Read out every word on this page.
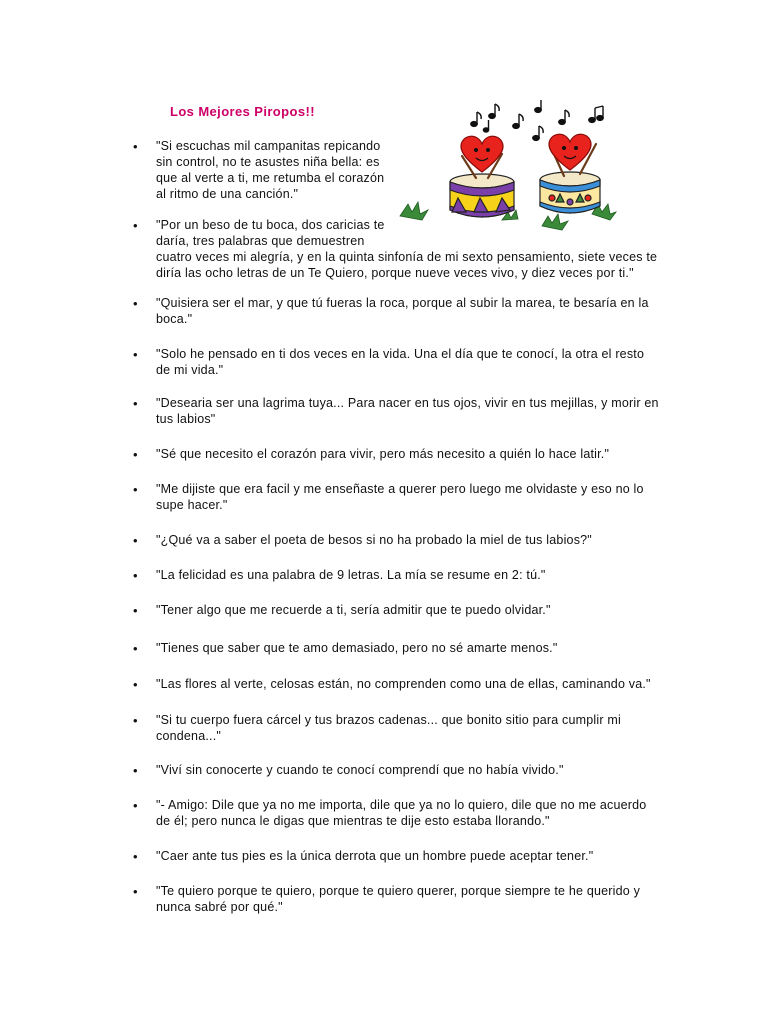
Los Mejores Piropos!!
• "Si escuchas mil campanitas repicando
sin control, no te asustes niña bella: es
que al verte a ti, me retumba el corazón
al ritmo de una canción."

• "Por un beso de tu boca, dos caricias te
daría, tres palabras que demuestren
cuatro veces mi alegría, y en la quinta sinfonía de mi sexto pensamiento, siete veces te
diría las ocho letras de un Te Quiero, porque nueve veces vivo, y diez veces por ti."

• "Quisiera ser el mar, y que tú fueras la roca, porque al subir la marea, te besaría en la
boca."

• "Solo he pensado en ti dos veces en la vida. Una el día que te conocí, la otra el resto
de mi vida."

• "Desearia ser una lagrima tuya... Para nacer en tus ojos, vivir en tus mejillas, y morir en
tus labios"

• "Sé que necesito el corazón para vivir, pero más necesito a quién lo hace latir."

• "Me dijiste que era facil y me enseñaste a querer pero luego me olvidaste y eso no lo
supe hacer."

• "¿Qué va a saber el poeta de besos si no ha probado la miel de tus labios?"

• "La felicidad es una palabra de 9 letras. La mía se resume en 2: tú."

• "Tener algo que me recuerde a ti, sería admitir que te puedo olvidar."

• "Tienes que saber que te amo demasiado, pero no sé amarte menos."

• "Las flores al verte, celosas están, no comprenden como una de ellas, caminando va."

• "Si tu cuerpo fuera cárcel y tus brazos cadenas... que bonito sitio para cumplir mi
condena..."

• "Viví sin conocerte y cuando te conocí comprendí que no había vivido."

• "- Amigo: Dile que ya no me importa, dile que ya no lo quiero, dile que no me acuerdo
de él; pero nunca le digas que mientras te dije esto estaba llorando."

• "Caer ante tus pies es la única derrota que un hombre puede aceptar tener."

• "Te quiero porque te quiero, porque te quiero querer, porque siempre te he querido y
nunca sabré por qué."
